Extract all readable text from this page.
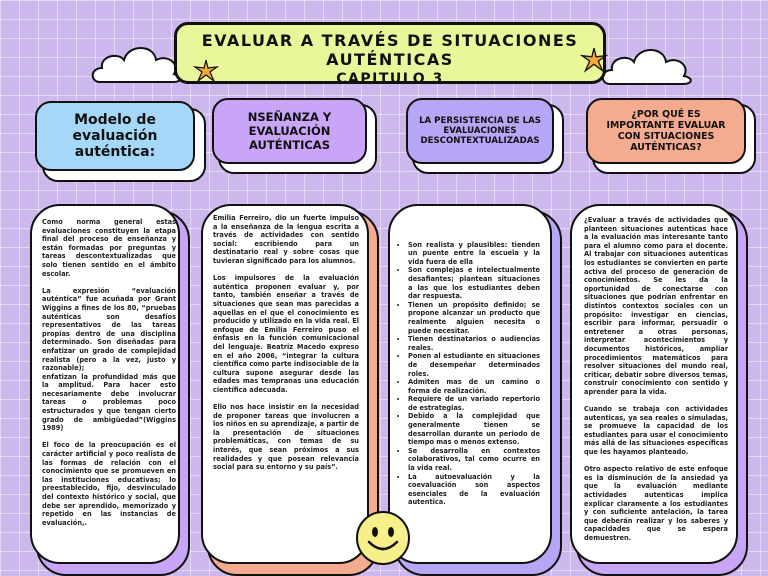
EVALUAR A TRAVÉS DE SITUACIONES AUTÉNTICAS
CAPITULO 3
Modelo de evaluación auténtica:
Como norma general estas evaluaciones constituyen la etapa final del proceso de enseñanza y están formadas por preguntas y tareas descontextualizadas que solo tienen sentido en el ámbito escolar.

La expresión “evaluación auténtica” fue acuñada por Grant Wiggins a fines de los 80, “pruebas auténticas son desafíos representativos de las tareas propias dentro de una disciplina determinado. Son diseñadas para enfatizar un grado de complejidad realista (pero a la vez, justo y razonable);
enfatizan la profundidad más que la amplitud. Para hacer esto necesariamente debe involucrar tareas o problemas poco estructurados y que tengan cierto grado de ambigüedad”(Wiggins 1989)

El foco de la preocupación es el carácter artificial y poco realista de las formas de relación con el conocimiento que se promueven en las instituciones educativas; lo preestablecido, fijo, desvinculado del contexto histórico y social, que debe ser aprendido, memorizado y repetido en las instancias de evaluación,.
NSEÑANZA Y EVALUACIÓN AUTÉNTICAS
Emilia Ferreiro, dio un fuerte impulso a la enseñanza de la lengua escrita a través de actividades con sentido social: escribiendo para un destinatario real y sobre cosas que tuvieran significado para los alumnos.

Los impulsores de la evaluación auténtica proponen evaluar y, por tanto, también enseñar a través de situaciones que sean mas parecidas a aquellas en el que el conocimiento es producido y utilizado en la vida real. El enfoque de Emilia Ferreiro puso el énfasis en la función comunicacional del lenguaje. Beatriz Macedo expreso en el año 2006, “integrar la cultura científica como parte indisociable de la cultura supone asegurar desde las edades mas tempranas una educación científica adecuada.

Ello nos hace insistir en la necesidad de proponer tareas que involucren a los niños en su aprendizaje, a partir de la presentación de situaciones problemáticas, con temas de su interés, que sean próximos a sus realidades y que posean relevancia social para su entorno y su país”.
LA PERSISTENCIA DE LAS EVALUACIONES DESCONTEXTUALIZADAS

• Son realista y plausibles: tienden un puente entre la escuela y la vida fuera de ella
• Son complejas e intelectualmente desafiantes; plantean situaciones a las que los estudiantes deben dar respuesta.
• Tienen un propósito definido; se propone alcanzar un producto que realmente alguien necesita o puede necesitar.
• Tienen destinatarios o audiencias reales.
• Ponen al estudiante en situaciones de desempeñar determinados roles.
• Admiten mas de un camino o forma de realización.
• Requiere de un variado repertorio de estrategias.
• Debido a la complejidad que generalmente tienen se desarrollan durante un periodo de tiempo mas o menos extenso.
• Se desarrolla en contextos colaborativos, tal como ocurre en la vida real.
• La autoevaluación y la coevaluación son aspectos esenciales de la evaluación autentica.

¿POR QUÉ ES IMPORTANTE EVALUAR CON SITUACIONES AUTÉNTICAS?
¿Evaluar a través de actividades que planteen situaciones autenticas hace a la evaluación mas interesante tanto para el alumno como para el docente. Al trabajar con situaciones autenticas los estudiantes se convierten en parte activa del proceso de generación de conocimientos. Se les da la oportunidad de conectarse con situaciones que podrían enfrentar en distintos contextos sociales con un propósito: investigar en ciencias, escribir para informar, persuadir o entretener a otras personas, interpretar acontecimientos y documentos históricos, ampliar procedimientos matemáticos para resolver situaciones del mundo real, criticar, debatir sobre diversos temas, construir conocimiento con sentido y aprender para la vida.

Cuando se trabaja con actividades autenticas, ya sea reales o simuladas, se promueve la capacidad de los estudiantes para usar el conocimiento más allá de las situaciones específicas que les hayamos planteado.

Otro aspecto relativo de este enfoque es la disminución de la ansiedad ya que la evaluación mediante actividades autenticas implica explicar claramente a los estudiantes y con suficiente antelación, la tarea que deberán realizar y los saberes y capacidades que se espera demuestren.
